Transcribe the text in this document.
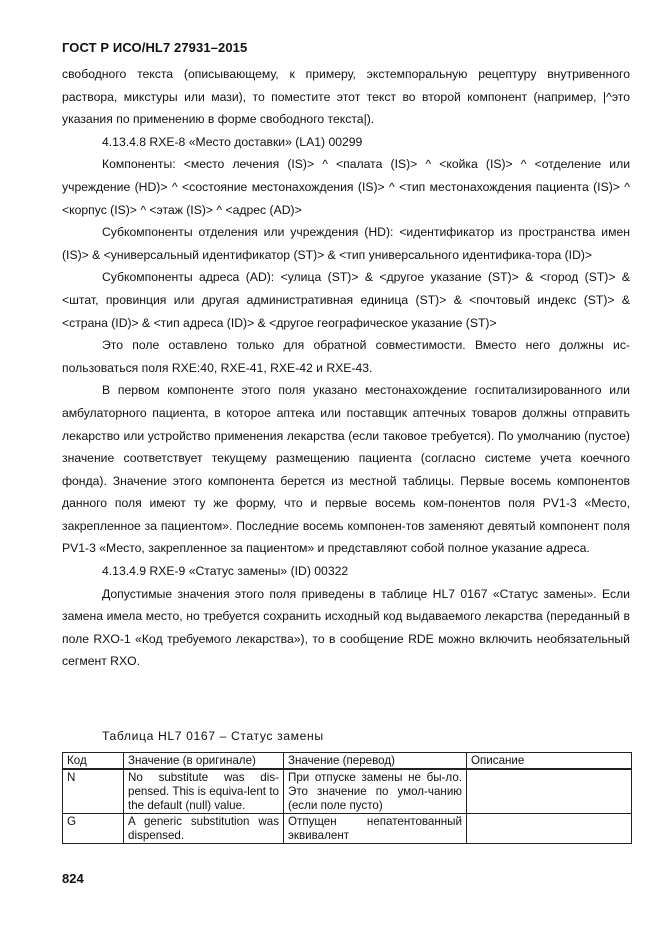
ГОСТ Р ИСО/HL7 27931–2015

свободного текста (описывающему, к примеру, экстемпоральную рецептуру внутривенного раствора, микстуры или мази), то поместите этот текст во второй компонент (например, |^это указания по применению в форме свободного текста|).

4.13.4.8 RXE-8 «Место доставки» (LA1) 00299

Компоненты: <место лечения (IS)> ^ <палата (IS)> ^ <койка (IS)> ^ <отделение или учреждение (HD)> ^ <состояние местонахождения (IS)> ^ <тип местонахождения пациента (IS)> ^ <корпус (IS)> ^ <этаж (IS)> ^ <адрес (AD)>

Субкомпоненты отделения или учреждения (HD): <идентификатор из пространства имен (IS)> & <универсальный идентификатор (ST)> & <тип универсального идентифика-тора (ID)>

Субкомпоненты адреса (AD): <улица (ST)> & <другое указание (ST)> & <город (ST)> & <штат, провинция или другая административная единица (ST)> & <почтовый индекс (ST)> & <страна (ID)> & <тип адреса (ID)> & <другое географическое указание (ST)>

Это поле оставлено только для обратной совместимости. Вместо него должны ис-пользоваться поля RXE:40, RXE-41, RXE-42 и RXE-43.

В первом компоненте этого поля указано местонахождение госпитализированного или амбулаторного пациента, в которое аптека или поставщик аптечных товаров должны отправить лекарство или устройство применения лекарства (если таковое требуется). По умолчанию (пустое) значение соответствует текущему размещению пациента (согласно системе учета коечного фонда). Значение этого компонента берется из местной таблицы. Первые восемь компонентов данного поля имеют ту же форму, что и первые восемь ком-понентов поля PV1-3 «Место, закрепленное за пациентом». Последние восемь компонен-тов заменяют девятый компонент поля PV1-3 «Место, закрепленное за пациентом» и представляют собой полное указание адреса.

4.13.4.9 RXE-9 «Статус замены» (ID) 00322

Допустимые значения этого поля приведены в таблице HL7 0167 «Статус замены». Если замена имела место, но требуется сохранить исходный код выдаваемого лекарства (переданный в поле RXO-1 «Код требуемого лекарства»), то в сообщение RDE можно включить необязательный сегмент RXO.

Таблица HL7 0167 – Статус замены
Код	Значение (в оригинале)	Значение (перевод)	Описание
N	No substitute was dis-pensed. This is equiva-lent to the default (null) value.	При отпуске замены не бы-ло. Это значение по умол-чанию (если поле пусто)	
G	A generic substitution was dispensed.	Отпущен непатентованный эквивалент	
824
